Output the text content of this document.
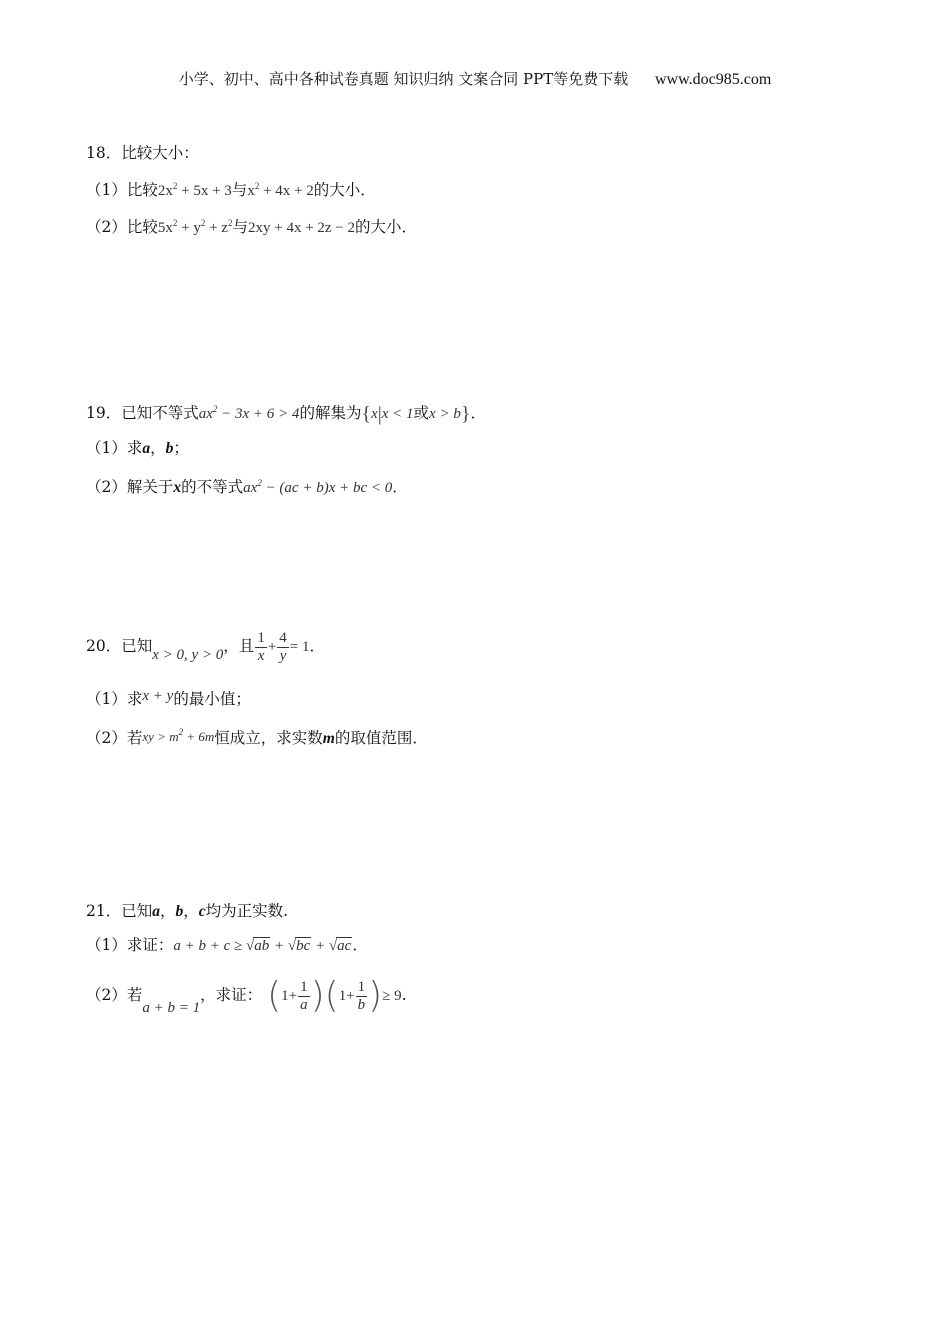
小学、初中、高中各种试卷真题 知识归纳 文案合同 PPT等免费下载 www.doc985.com
18．比较大小：
（1）比较$2x^2 + 5x + 3$与$x^2 + 4x + 2$的大小．
（2）比较$5x^2 + y^2 + z^2$与2xy + 4x + 2z − 2的大小．
19．已知不等式$ax^2 - 3x + 6 > 4$的解集为{x|x < 1或x > b}．
（1）求a，b；
（2）解关于x的不等式$ax^2 - (ac + b)x$ + bc < 0．
20．已知x > 0, y > 0，且 $\frac{1}{x} + \frac{4}{y} = 1$．
（1）求x + y的最小值；
（2）若xy > $m^2 + 6m$恒成立，求实数m的取值范围．
21．已知a，b，c均为正实数.
（1）求证：a + b + c ≥ √ab + √bc + √ac．
（2）若a + b = 1，求证： $(1+ \frac{1}{a} )(1+ \frac{1}{b}$ )≥ 9.
